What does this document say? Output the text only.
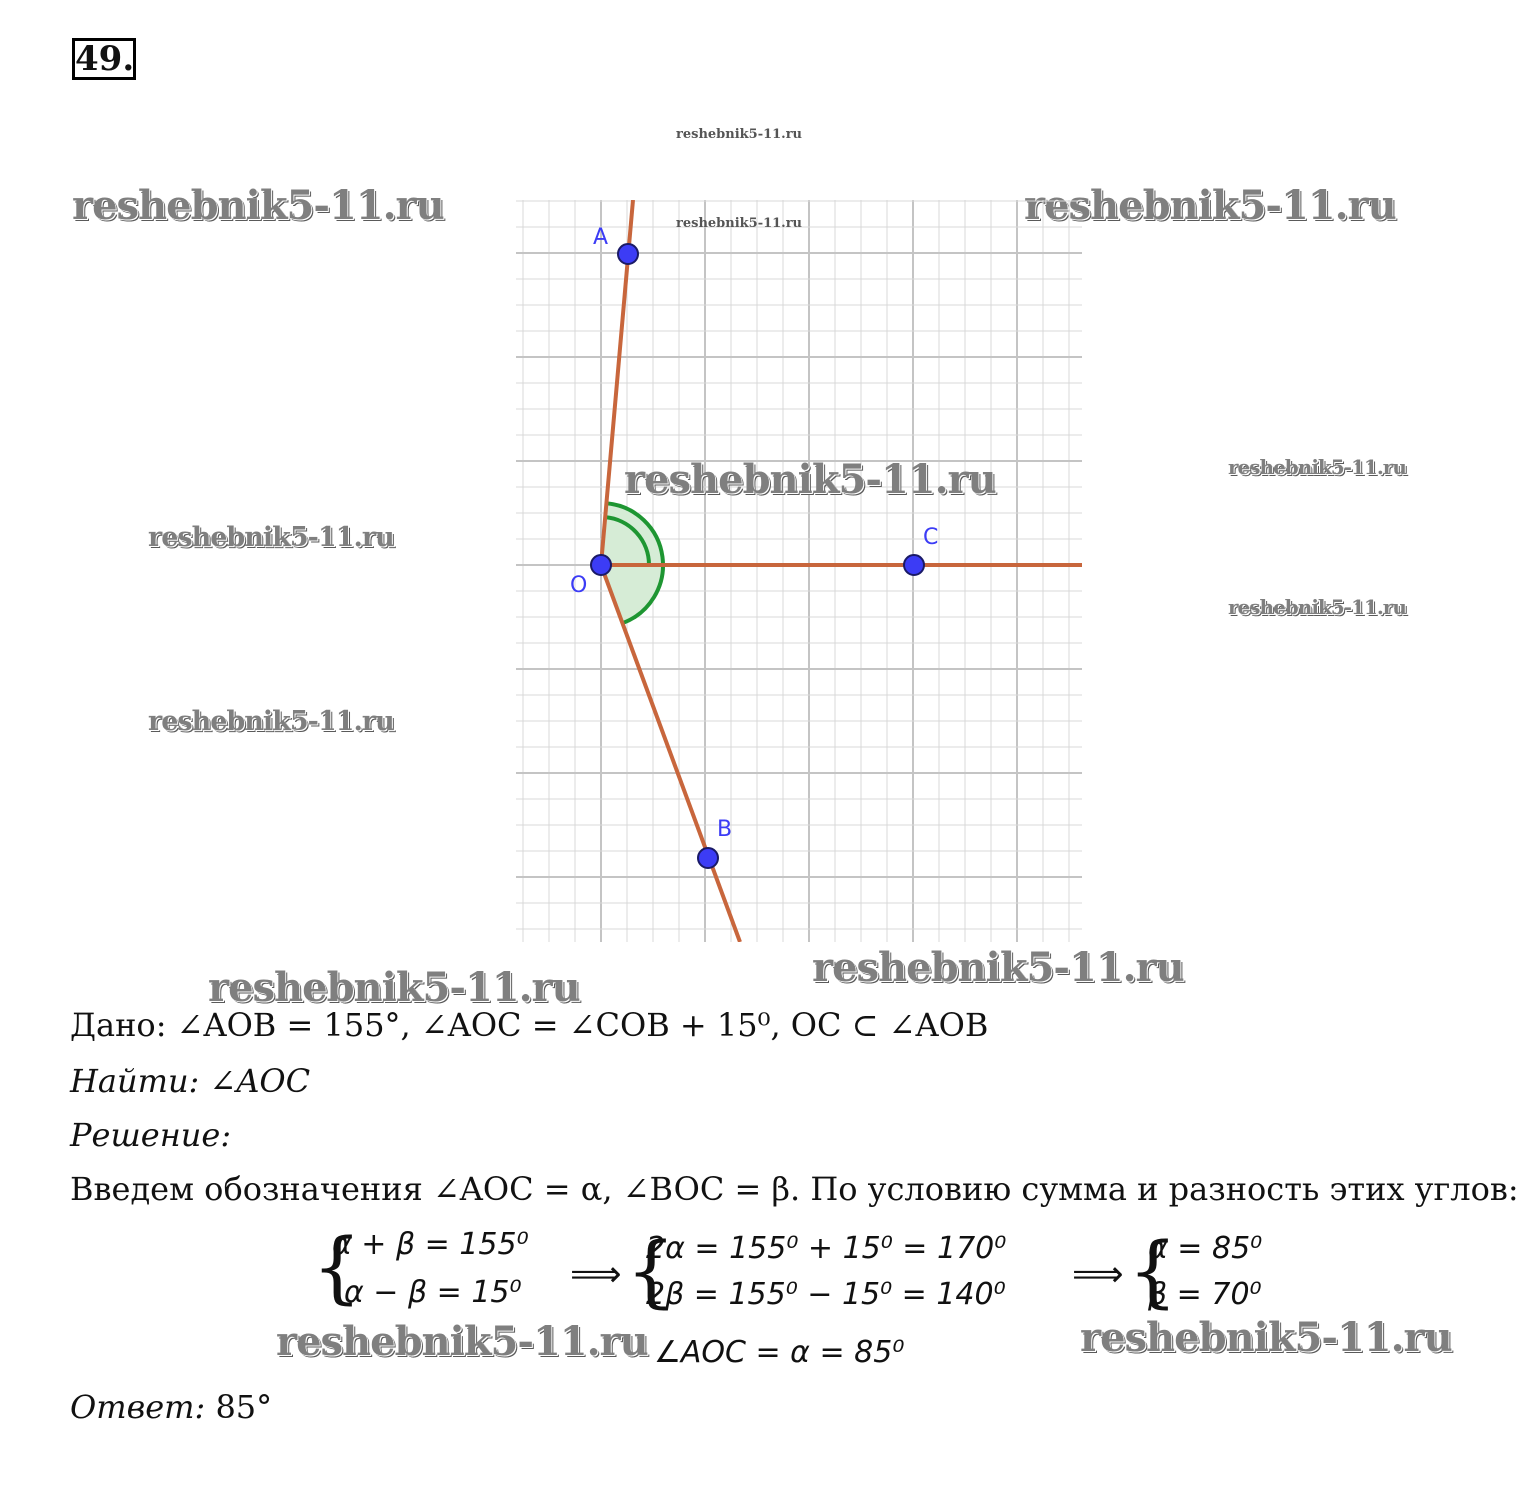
49.
reshebnik5-11.ru
reshebnik5-11.ru	reshebnik5-11.ru
reshebnik5-11.ru
reshebnik5-11.ru
reshebnik5-11.ru
reshebnik5-11.ru
A
O
C
B
reshebnik5-11.ru
reshebnik5-11.ru
reshebnik5-11.ru
reshebnik5-11.ru
Дано: ∠AOB = 155°, ∠AOC = ∠COB + 15⁰, OC ⊂ ∠AOB
Найти: ∠AOC
Решение:
Введем обозначения ∠AOC = α, ∠BOC = β. По условию сумма и разность этих углов:
{
α + β = 155⁰
α − β = 15⁰ ⟹ {
2α = 155⁰ + 15⁰ = 170⁰
2β = 155⁰ − 15⁰ = 140⁰ ⟹ {
α = 85⁰
β = 70⁰
reshebnik5-11.ru	reshebnik5-11.ru
∠AOC = α = 85⁰
Ответ: 85°
